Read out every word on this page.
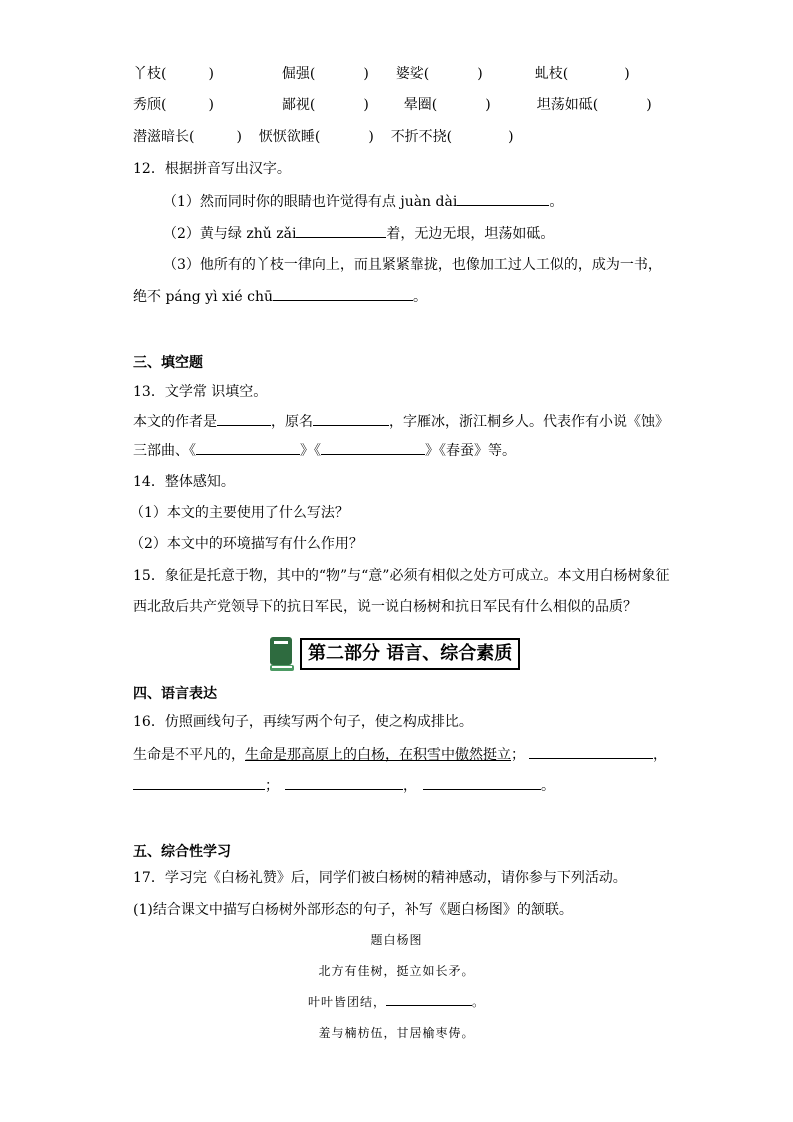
丫枝(	)	倔强(	) 婆娑(	)	虬枝(	)
秀颀(	)	鄙视(	) 晕圈(	)	坦荡如砥(	)
潜滋暗长(	) 恹恹欲睡(	) 不折不挠(	)
12．根据拼音写出汉字。
（1）然而同时你的眼睛也许觉得有点 juàn dài	。
（2）黄与绿 zhǔ zǎi	着，无边无垠，坦荡如砥。
（3）他所有的丫枝一律向上，而且紧紧靠拢，也像加工过人工似的，成为一书，
绝不 páng yì xié chū	。
三、填空题
13．文学常 识填空。
本文的作者是	，原名	，字雁冰，浙江桐乡人。代表作有小说《蚀》
三部曲、《	》《	》《春蚕》等。
14．整体感知。
（1）本文的主要使用了什么写法？
（2）本文中的环境描写有什么作用？
15．象征是托意于物，其中的“物”与“意”必须有相似之处方可成立。本文用白杨树象征
西北敌后共产党领导下的抗日军民，说一说白杨树和抗日军民有什么相似的品质？
第二部分 语言、综合素质
四、语言表达
16．仿照画线句子，再续写两个句子，使之构成排比。
生命是不平凡的，生命是那高原上的白杨，在积雪中傲然挺立；	，
；	，	。
五、综合性学习
17．学习完《白杨礼赞》后，同学们被白杨树的精神感动，请你参与下列活动。
(1)结合课文中描写白杨树外部形态的句子，补写《题白杨图》的颔联。
题白杨图
北方有佳树，挺立如长矛。
叶叶皆团结，	。
羞与楠枋伍，甘居榆枣俦。
